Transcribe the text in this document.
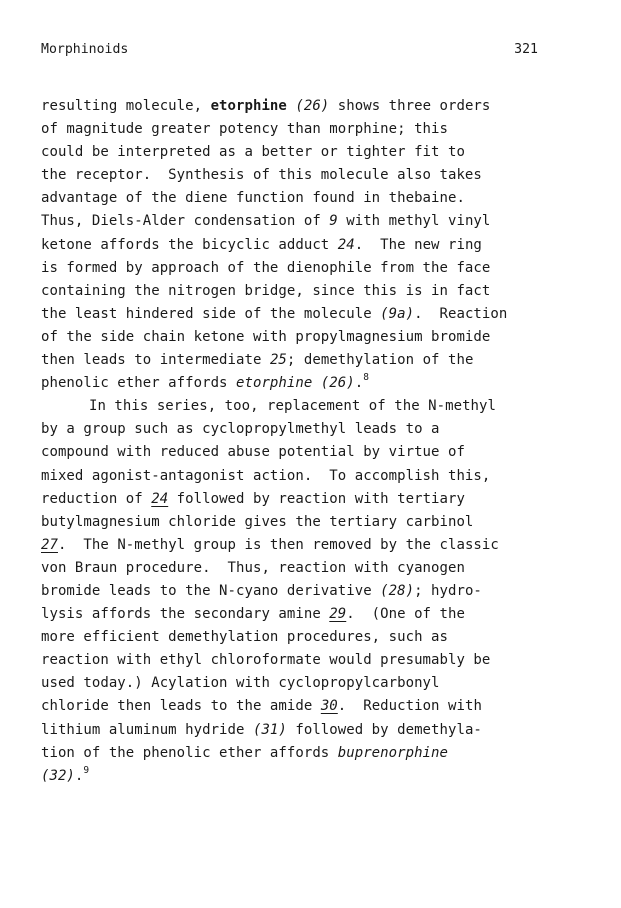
Morphinoids	321
resulting molecule, etorphine (26) shows three orders
of magnitude greater potency than morphine; this
could be interpreted as a better or tighter fit to
the receptor.  Synthesis of this molecule also takes
advantage of the diene function found in thebaine.
Thus, Diels-Alder condensation of 9 with methyl vinyl
ketone affords the bicyclic adduct 24.  The new ring
is formed by approach of the dienophile from the face
containing the nitrogen bridge, since this is in fact
the least hindered side of the molecule (9a).  Reaction
of the side chain ketone with propylmagnesium bromide
then leads to intermediate 25; demethylation of the
phenolic ether affords etorphine (26).$^8$
In this series, too, replacement of the N-methyl
by a group such as cyclopropylmethyl leads to a
compound with reduced abuse potential by virtue of
mixed agonist-antagonist action.  To accomplish this,
reduction of 24 followed by reaction with tertiary
butylmagnesium chloride gives the tertiary carbinol
27.  The N-methyl group is then removed by the classic
von Braun procedure.  Thus, reaction with cyanogen
bromide leads to the N-cyano derivative (28); hydro-
lysis affords the secondary amine 29.  (One of the
more efficient demethylation procedures, such as
reaction with ethyl chloroformate would presumably be
used today.) Acylation with cyclopropylcarbonyl
chloride then leads to the amide 30.  Reduction with
lithium aluminum hydride (31) followed by demethyla-
tion of the phenolic ether affords buprenorphine
(32).$^9$
